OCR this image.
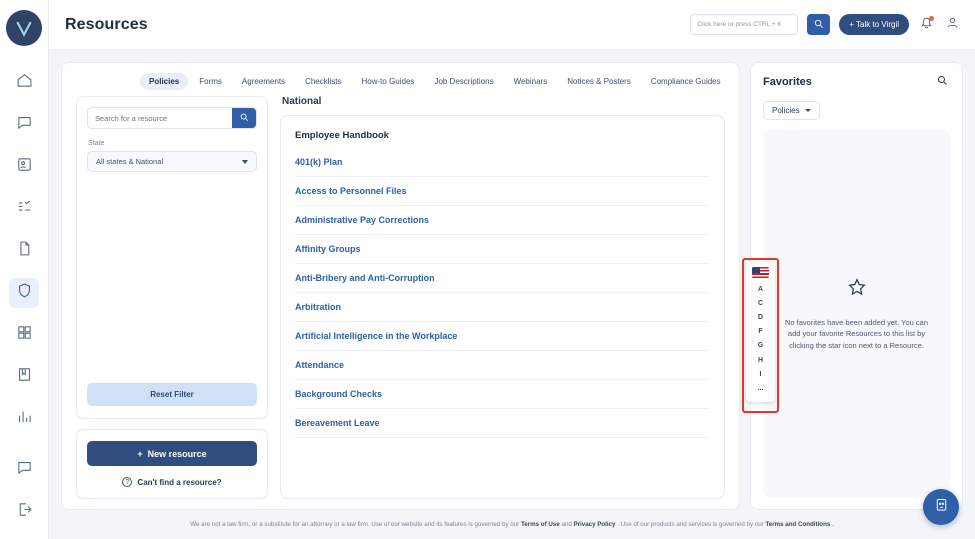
Resources	Click here or press CTRL + K	+ Talk to Virgil
Policies	Forms	Agreements	Checklists	How-to Guides	Job Descriptions	Webinars	Notices & Posters	Compliance Guides
Search for a resource
State
All states & National
Reset Filter
+ New resource
?	Can't find a resource?
National
Employee Handbook
401(k) Plan
Access to Personnel Files
Administrative Pay Corrections
Affinity Groups
Anti-Bribery and Anti-Corruption
Arbitration
Artificial Intelligence in the Workplace
Attendance
Background Checks
Bereavement Leave
A
C
D
F
G
H
I
...
Favorites
Policies

No favorites have been added yet. You can add your favorite Resources to this list by clicking the star icon next to a Resource.

We are not a law firm, or a substitute for an attorney or a law firm. Use of our website and its features is governed by our Terms of Use and Privacy Policy . Use of our products and services is governed by our Terms and Conditions .
